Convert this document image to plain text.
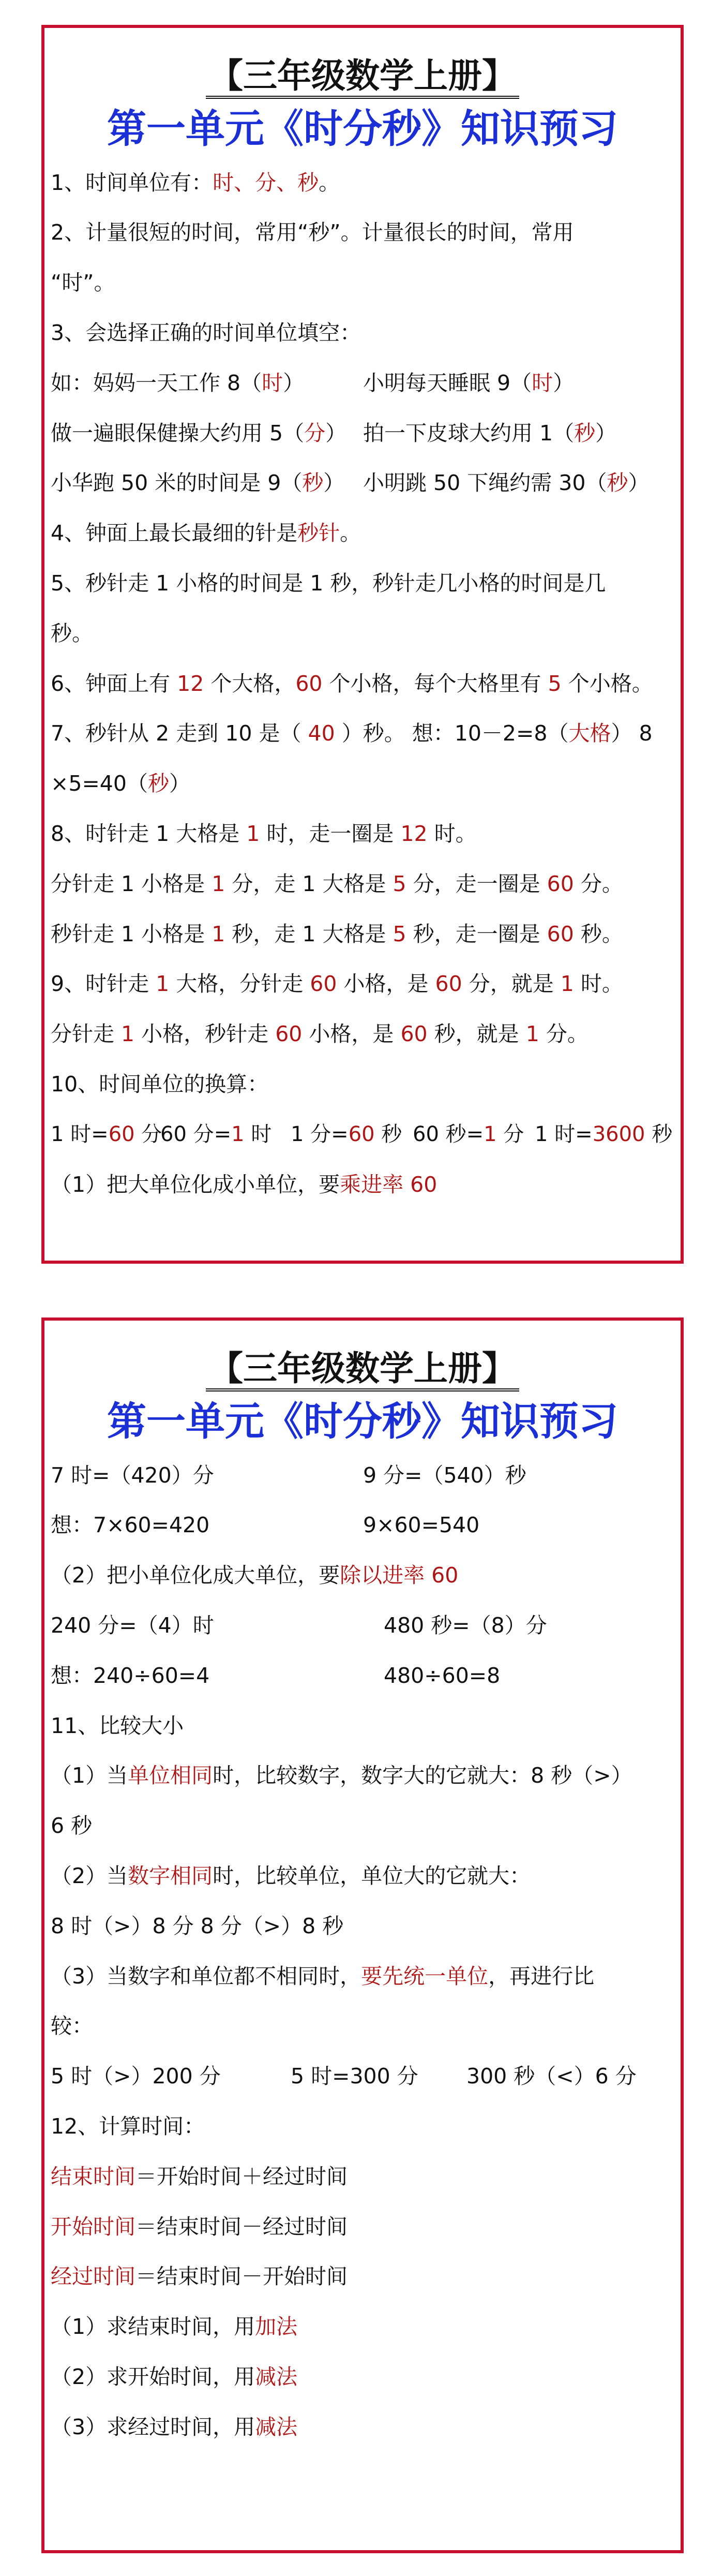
【三年级数学上册】
第一单元《时分秒》知识预习
1、时间单位有：时、分、秒。
2、计量很短的时间，常用“秒”。计量很长的时间，常用
“时”。
3、会选择正确的时间单位填空：
如：妈妈一天工作 8（时）	小明每天睡眠 9（时）
做一遍眼保健操大约用 5（分） 拍一下皮球大约用 1（秒）
小华跑 50 米的时间是 9（秒） 小明跳 50 下绳约需 30（秒）
4、钟面上最长最细的针是秒针。
5、秒针走 1 小格的时间是 1 秒，秒针走几小格的时间是几
秒。
6、钟面上有 12 个大格，60 个小格，每个大格里有 5 个小格。
7、秒针从 2 走到 10 是（ 40 ）秒。 想：10－2=8（大格） 8
×5=40（秒）
8、时针走 1 大格是 1 时，走一圈是 12 时。
分针走 1 小格是 1 分，走 1 大格是 5 分，走一圈是 60 分。
秒针走 1 小格是 1 秒，走 1 大格是 5 秒，走一圈是 60 秒。
9、时针走 1 大格，分针走 60 小格，是 60 分，就是 1 时。
分针走 1 小格，秒针走 60 小格，是 60 秒，就是 1 分。
10、时间单位的换算：
1 时=60 分60 分=1 时 1 分=60 秒 60 秒=1 分 1 时=3600 秒
（1）把大单位化成小单位，要乘进率 60
【三年级数学上册】
第一单元《时分秒》知识预习
7 时=（420）分	9 分=（540）秒
想：7×60=420	9×60=540
（2）把小单位化成大单位，要除以进率 60
240 分=（4）时	480 秒=（8）分
想：240÷60=4	480÷60=8
11、比较大小
（1）当单位相同时，比较数字，数字大的它就大：8 秒（>）
6 秒
（2）当数字相同时，比较单位，单位大的它就大：
8 时（>）8 分 8 分（>）8 秒
（3）当数字和单位都不相同时，要先统一单位，再进行比
较：
5 时（>）200 分	5 时=300 分 300 秒（<）6 分
12、计算时间：
结束时间＝开始时间＋经过时间
开始时间＝结束时间－经过时间
经过时间＝结束时间－开始时间
（1）求结束时间，用加法
（2）求开始时间，用减法
（3）求经过时间，用减法
